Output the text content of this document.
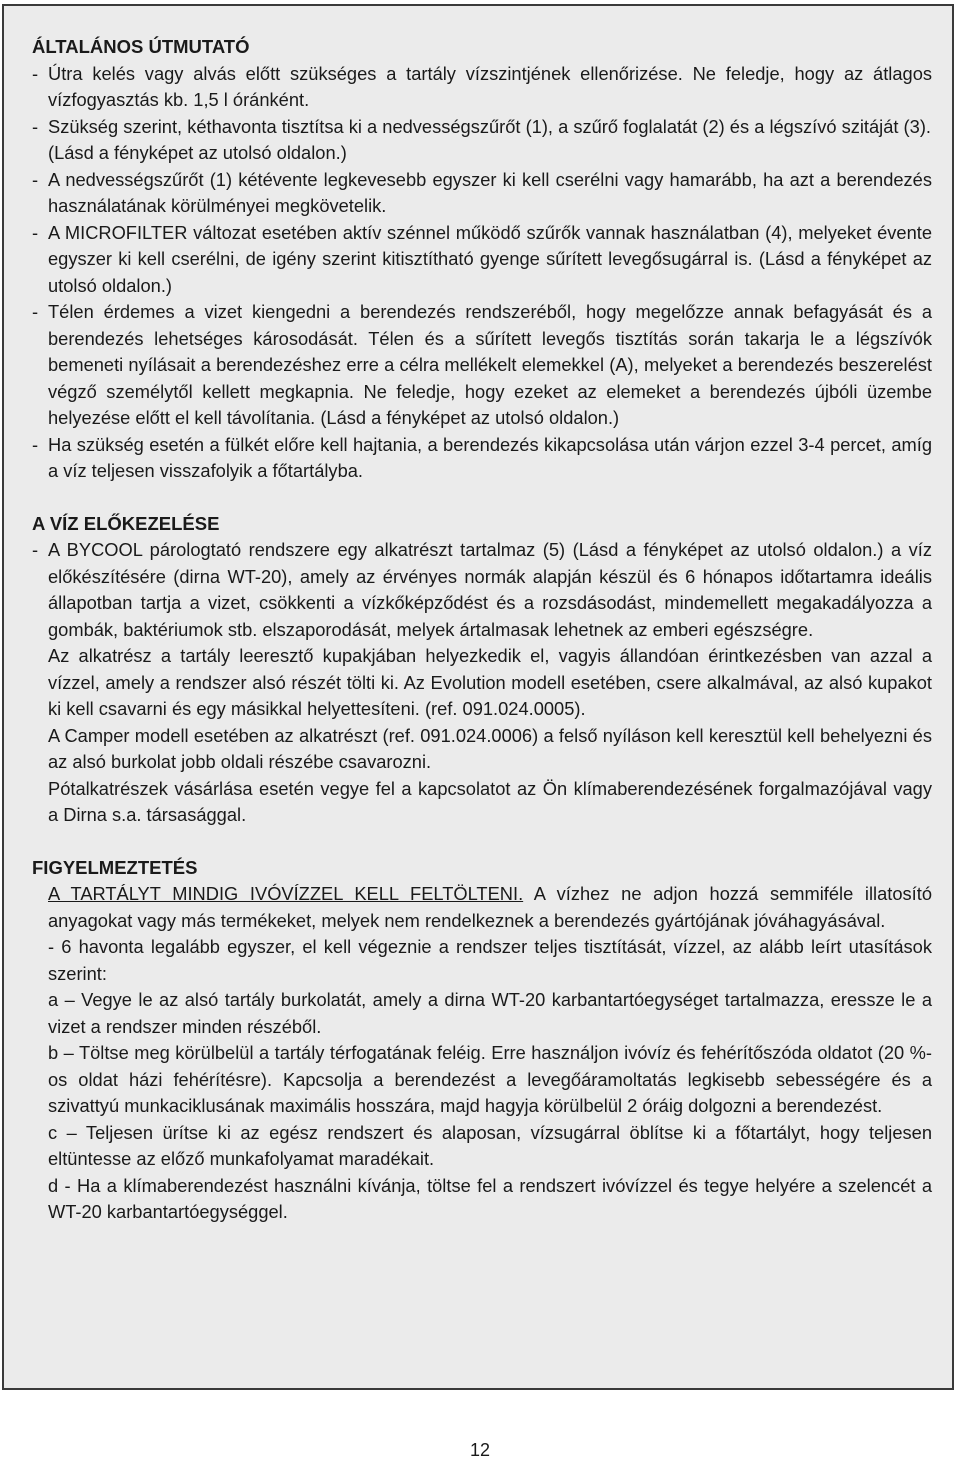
ÁLTALÁNOS ÚTMUTATÓ

- Útra kelés vagy alvás előtt szükséges a tartály vízszintjének ellenőrizése. Ne feledje, hogy az átlagos vízfogyasztás kb. 1,5 l óránként.
- Szükség szerint, kéthavonta tisztítsa ki a nedvességszűrőt (1), a szűrő foglalatát (2) és a légszívó szitáját (3).

(Lásd a fényképet az utolsó oldalon.)

- A nedvességszűrőt (1) kétévente legkevesebb egyszer ki kell cserélni vagy hamarább, ha azt a berendezés használatának körülményei megkövetelik.
- A MICROFILTER változat esetében aktív szénnel működő szűrők vannak használatban (4), melyeket évente egyszer ki kell cserélni, de igény szerint kitisztítható gyenge sűrített levegősugárral is. (Lásd a fényképet az utolsó oldalon.)
- Télen érdemes a vizet kiengedni a berendezés rendszeréből, hogy megelőzze annak befagyását és a berendezés lehetséges károsodását. Télen és a sűrített levegős tisztítás során takarja le a légszívók bemeneti nyílásait a berendezéshez erre a célra mellékelt elemekkel (A), melyeket a berendezés beszerelést végző személytől kellett megkapnia. Ne feledje, hogy ezeket az elemeket a berendezés újbóli üzembe helyezése előtt el kell távolítania. (Lásd a fényképet az utolsó oldalon.)
- Ha szükség esetén a fülkét előre kell hajtania, a berendezés kikapcsolása után várjon ezzel 3-4 percet, amíg a víz teljesen visszafolyik a főtartályba.

A VÍZ ELŐKEZELÉSE

- A BYCOOL párologtató rendszere egy alkatrészt tartalmaz (5) (Lásd a fényképet az utolsó oldalon.) a víz előkészítésére (dirna WT-20), amely az érvényes normák alapján készül és 6 hónapos időtartamra ideális állapotban tartja a vizet, csökkenti a vízkőképződést és a rozsdásodást, mindemellett megakadályozza a gombák, baktériumok stb. elszaporodását, melyek ártalmasak lehetnek az emberi egészségre.

Az alkatrész a tartály leeresztő kupakjában helyezkedik el, vagyis állandóan érintkezésben van azzal a vízzel, amely a rendszer alsó részét tölti ki. Az Evolution modell esetében, csere alkalmával, az alsó kupakot ki kell csavarni és egy másikkal helyettesíteni. (ref. 091.024.0005).

A Camper modell esetében az alkatrészt (ref. 091.024.0006) a felső nyíláson kell keresztül kell behelyezni és az alsó burkolat jobb oldali részébe csavarozni.

Pótalkatrészek vásárlása esetén vegye fel a kapcsolatot az Ön klímaberendezésének forgalmazójával vagy a Dirna s.a. társasággal.

FIGYELMEZTETÉS

A TARTÁLYT MINDIG IVÓVÍZZEL KELL FELTÖLTENI. A vízhez ne adjon hozzá semmiféle illatosító anyagokat vagy más termékeket, melyek nem rendelkeznek a berendezés gyártójának jóváhagyásával.

- 6 havonta legalább egyszer, el kell végeznie a rendszer teljes tisztítását, vízzel, az alább leírt utasítások szerint:

a – Vegye le az alsó tartály burkolatát, amely a dirna WT-20 karbantartóegységet tartalmazza, eressze le a vizet a rendszer minden részéből.

b – Töltse meg körülbelül a tartály térfogatának feléig. Erre használjon ivóvíz és fehérítőszóda oldatot (20 %-os oldat házi fehérítésre). Kapcsolja a berendezést a levegőáramoltatás legkisebb sebességére és a szivattyú munkaciklusának maximális hosszára, majd hagyja körülbelül 2 óráig dolgozni a berendezést.

c – Teljesen ürítse ki az egész rendszert és alaposan, vízsugárral öblítse ki a főtartályt, hogy teljesen eltüntesse az előző munkafolyamat maradékait.

d - Ha a klímaberendezést használni kívánja, töltse fel a rendszert ivóvízzel és tegye helyére a szelencét a WT-20 karbantartóegységgel.

12
